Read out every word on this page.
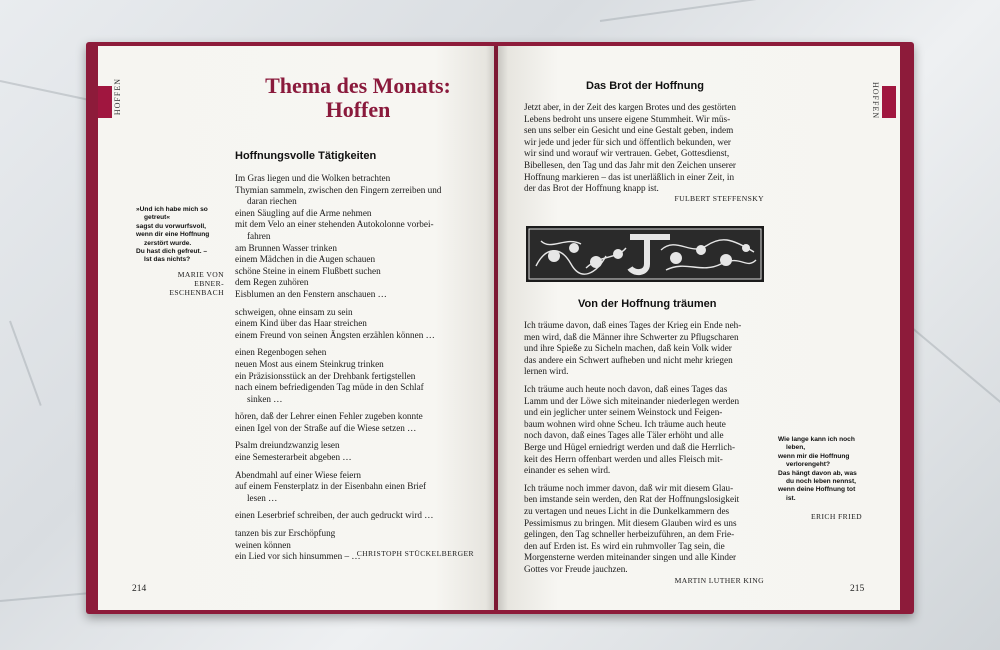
HOFFEN	Thema des Monats:
Hoffen
Hoffnungsvolle Tätigkeiten
»Und ich habe mich so
getreut«
sagst du vorwurfsvoll,
wenn dir eine Hoffnung
zerstört wurde.
Du hast dich gefreut. –
Ist das nichts?
MARIE VON
EBNER-ESCHENBACH
Im Gras liegen und die Wolken betrachten
Thymian sammeln, zwischen den Fingern zerreiben und
daran riechen
einen Säugling auf die Arme nehmen
mit dem Velo an einer stehenden Autokolonne vorbei-
fahren
am Brunnen Wasser trinken
einem Mädchen in die Augen schauen
schöne Steine in einem Flußbett suchen
dem Regen zuhören
Eisblumen an den Fenstern anschauen …
schweigen, ohne einsam zu sein
einem Kind über das Haar streichen
einem Freund von seinen Ängsten erzählen können …
einen Regenbogen sehen
neuen Most aus einem Steinkrug trinken
ein Präzisionsstück an der Drehbank fertigstellen
nach einem befriedigenden Tag müde in den Schlaf
sinken …
hören, daß der Lehrer einen Fehler zugeben konnte
einen Igel von der Straße auf die Wiese setzen …
Psalm dreiundzwanzig lesen
eine Semesterarbeit abgeben …
Abendmahl auf einer Wiese feiern
auf einem Fensterplatz in der Eisenbahn einen Brief
lesen …
einen Leserbrief schreiben, der auch gedruckt wird …
tanzen bis zur Erschöpfung
weinen können
ein Lied vor sich hinsummen – …
CHRISTOPH STÜCKELBERGER
214
HOFFEN
Das Brot der Hoffnung
Jetzt aber, in der Zeit des kargen Brotes und des gestörten
Lebens bedroht uns unsere eigene Stummheit. Wir müs-
sen uns selber ein Gesicht und eine Gestalt geben, indem
wir jede und jeder für sich und öffentlich bekunden, wer
wir sind und worauf wir vertrauen. Gebet, Gottesdienst,
Bibellesen, den Tag und das Jahr mit den Zeichen unserer
Hoffnung markieren – das ist unerläßlich in einer Zeit, in
der das Brot der Hoffnung knapp ist.
FULBERT STEFFENSKY
Von der Hoffnung träumen

Ich träume davon, daß eines Tages der Krieg ein Ende neh-
men wird, daß die Männer ihre Schwerter zu Pflugscharen
und ihre Spieße zu Sicheln machen, daß kein Volk wider
das andere ein Schwert aufheben und nicht mehr kriegen
lernen wird.

Ich träume auch heute noch davon, daß eines Tages das
Lamm und der Löwe sich miteinander niederlegen werden
und ein jeglicher unter seinem Weinstock und Feigen-
baum wohnen wird ohne Scheu. Ich träume auch heute
noch davon, daß eines Tages alle Täler erhöht und alle
Berge und Hügel erniedrigt werden und daß die Herrlich-
keit des Herrn offenbart werden und alles Fleisch mit-
einander es sehen wird.

Ich träume noch immer davon, daß wir mit diesem Glau-
ben imstande sein werden, den Rat der Hoffnungslosigkeit
zu vertagen und neues Licht in die Dunkelkammern des
Pessimismus zu bringen. Mit diesem Glauben wird es uns
gelingen, den Tag schneller herbeizuführen, an dem Frie-
den auf Erden ist. Es wird ein ruhmvoller Tag sein, die
Morgensterne werden miteinander singen und alle Kinder
Gottes vor Freude jauchzen.

MARTIN LUTHER KING
Wie lange kann ich noch
leben,
wenn mir die Hoffnung
verlorengeht?
Das hängt davon ab, was
du noch leben nennst,
wenn deine Hoffnung tot
ist.
ERICH FRIED
215
